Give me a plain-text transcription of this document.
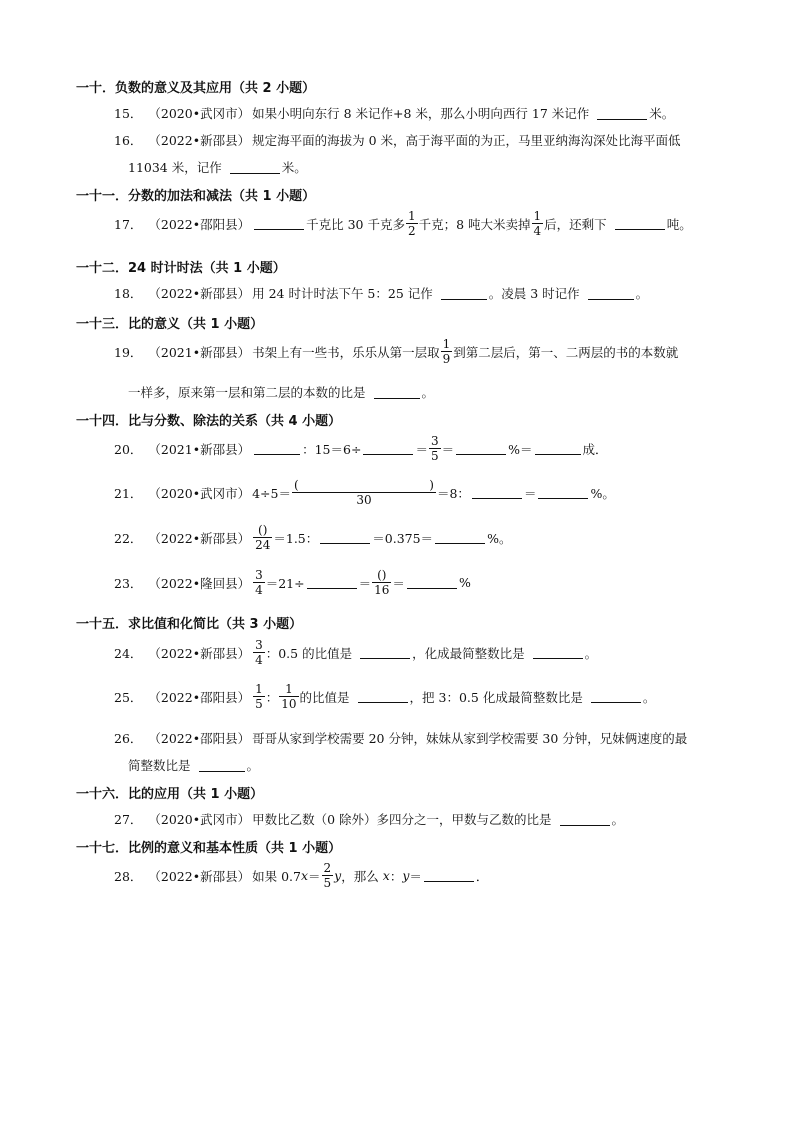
一十．负数的意义及其应用（共 2 小题）
15． （2020•武冈市） 如果小明向东行 8 米记作+8 米，那么小明向西行 17 米记作	米。
16． （2022•新邵县） 规定海平面的海拔为 0 米，高于海平面的为正，马里亚纳海沟深处比海平面低
11034 米，记作	米。
一十一．分数的加法和减法（共 1 小题）
17． （2022•邵阳县）	千克比 30 千克多 $\frac{1}{2}$ 千克；8 吨大米卖掉 $\frac{1}{4}$ 后，还剩下	吨。
一十二．24 时计时法（共 1 小题）
18． （2022•新邵县） 用 24 时计时法下午 5：25 记作	。凌晨 3 时记作	。
一十三．比的意义（共 1 小题）
19． （2021•新邵县） 书架上有一些书，乐乐从第一层取 $\frac{1}{9}$ 到第二层后，第一、二两层的书的本数就
一样多，原来第一层和第二层的本数的比是	。
一十四．比与分数、除法的关系（共 4 小题）
20． （2021•新邵县）	：15＝6÷	＝ $\frac{3}{5}$ ＝	%＝	成．
21． （2020•武冈市） 4÷5＝ (	)
30 ＝8：	＝	%。
22． （2022•新邵县） $\frac{()}{24} =1.5$：	＝0.375＝	%。
23． （2022•隆回县） $\frac{3}{4} =21\div$	＝ $\frac{()}{16}$ ＝	%
一十五．求比值和化简比（共 3 小题）
24． （2022•新邵县） $\frac{3}{4}$ ：0.5 的比值是	，化成最简整数比是	。
25． （2022•邵阳县） $\frac{1}{5}$ ： $\frac{1}{10}$ 的比值是	，把 3：0.5 化成最简整数比是	。
26． （2022•邵阳县） 哥哥从家到学校需要 20 分钟，妹妹从家到学校需要 30 分钟，兄妹俩速度的最
简整数比是	。
一十六．比的应用（共 1 小题）
27． （2020•武冈市） 甲数比乙数（0 除外）多四分之一，甲数与乙数的比是	。
一十七．比例的意义和基本性质（共 1 小题）
28． （2022•新邵县） 如果 0.7 $x = \frac{2}{5}$ y ，那么 x ： y ＝	．
